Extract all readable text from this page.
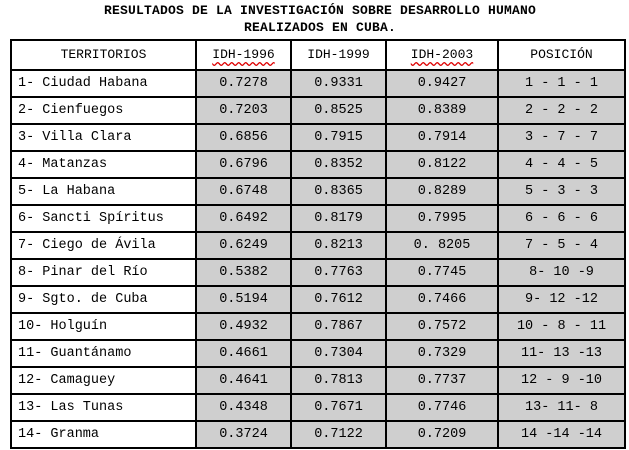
RESULTADOS DE LA INVESTIGACIÓN SOBRE DESARROLLO HUMANO
REALIZADOS EN CUBA.
TERRITORIOS	IDH-1996	IDH-1999	IDH-2003	POSICIÓN
1- Ciudad Habana	0.7278	0.9331	0.9427	1 - 1 - 1
2- Cienfuegos	0.7203	0.8525	0.8389	2 - 2 - 2
3- Villa Clara	0.6856	0.7915	0.7914	3 - 7 - 7
4- Matanzas	0.6796	0.8352	0.8122	4 - 4 - 5
5- La Habana	0.6748	0.8365	0.8289	5 - 3 - 3
6- Sancti Spíritus	0.6492	0.8179	0.7995	6 - 6 - 6
7- Ciego de Ávila	0.6249	0.8213	0. 8205	7 - 5 - 4
8- Pinar del Río	0.5382	0.7763	0.7745	8- 10 -9
9- Sgto. de Cuba	0.5194	0.7612	0.7466	9- 12 -12
10- Holguín	0.4932	0.7867	0.7572	10 - 8 - 11
11- Guantánamo	0.4661	0.7304	0.7329	11- 13 -13
12- Camaguey	0.4641	0.7813	0.7737	12 - 9 -10
13- Las Tunas	0.4348	0.7671	0.7746	13- 11- 8
14- Granma	0.3724	0.7122	0.7209	14 -14 -14
